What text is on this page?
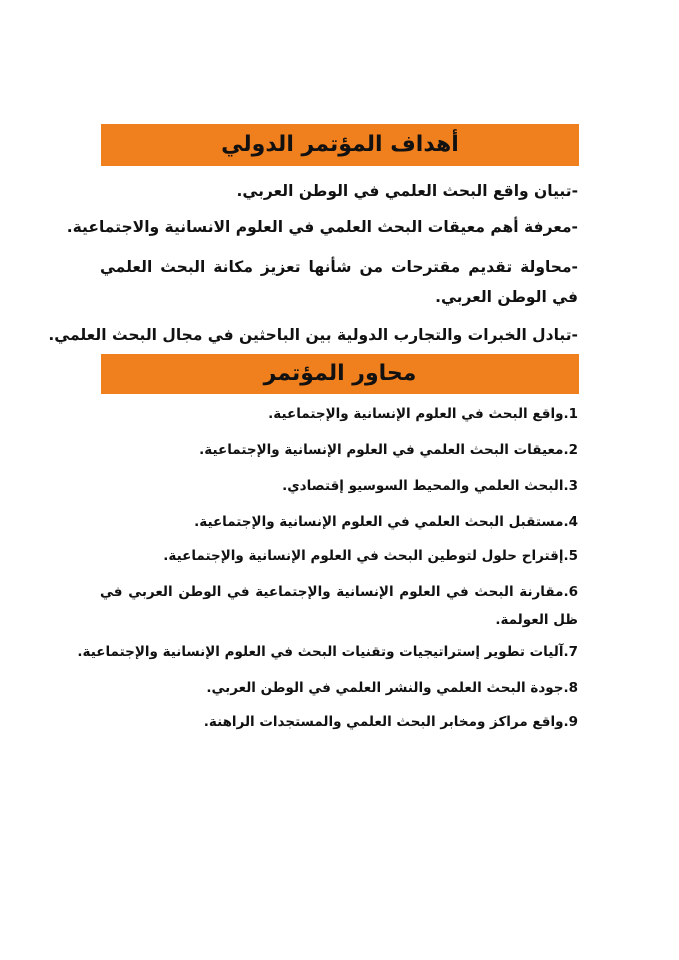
أهداف المؤتمر الدولي
-تبيان واقع البحث العلمي في الوطن العربي.
-معرفة أهم معيقات البحث العلمي في العلوم الانسانية والاجتماعية.
-محاولة تقديم مقترحات من شأنها تعزيز مكانة البحث العلمي في الوطن العربي.
-تبادل الخبرات والتجارب الدولية بين الباحثين في مجال البحث العلمي.
محاور المؤتمر
1.واقع البحث في العلوم الإنسانية والإجتماعية.
2.معيقات البحث العلمي في العلوم الإنسانية والإجتماعية.
3.البحث العلمي والمحيط السوسيو إقتصادي.
4.مستقبل البحث العلمي في العلوم الإنسانية والإجتماعية.
5.إقتراح حلول لتوطين البحث في العلوم الإنسانية والإجتماعية.
6.مقارنة البحث في العلوم الإنسانية والإجتماعية في الوطن العربي في ظل العولمة.
7.آليات تطوير إستراتيجيات وتقنيات البحث في العلوم الإنسانية والإجتماعية.
8.جودة البحث العلمي والنشر العلمي في الوطن العربي.
9.واقع مراكز ومخابر البحث العلمي والمستجدات الراهنة.
